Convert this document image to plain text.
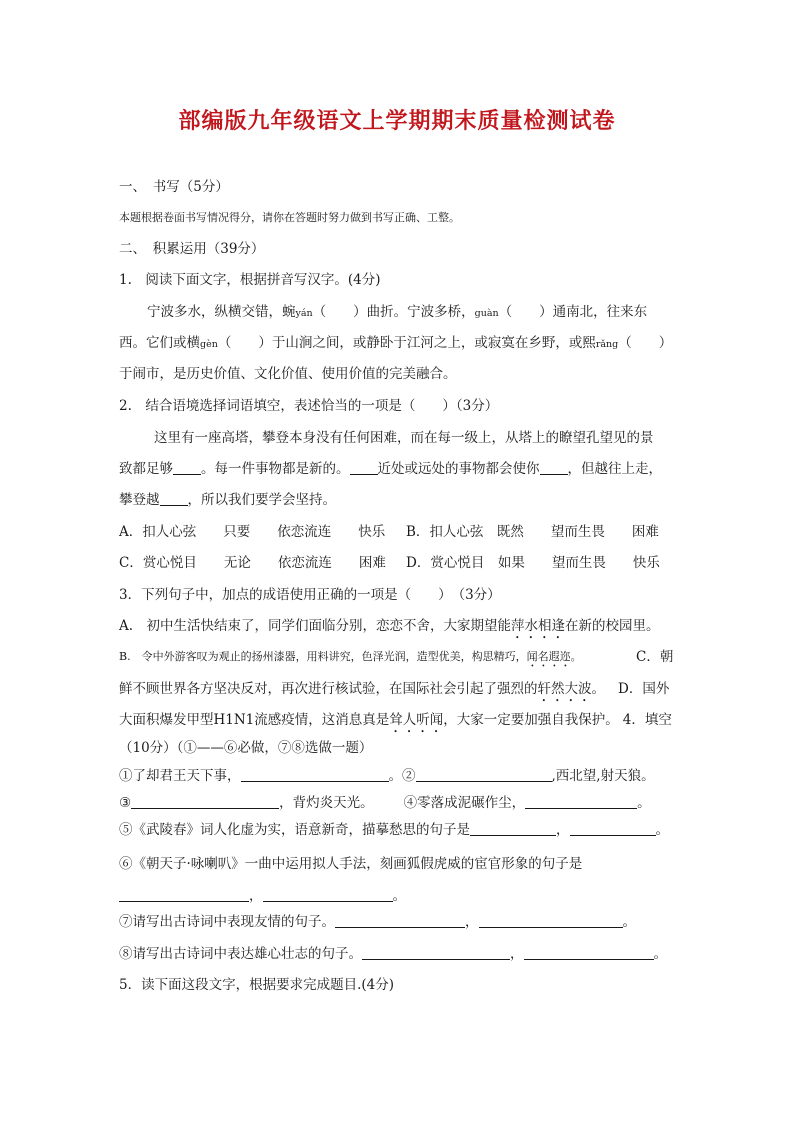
部编版九年级语文上学期期末质量检测试卷
一、　书写（5分）
本题根据卷面书写情况得分，请你在答题时努力做到书写正确、工整。
二、　积累运用（39分）
1.　阅读下面文字，根据拼音写汉字。(4分)
宁波多水，纵横交错，蜿yán（　　）曲折。宁波多桥，guàn（　　）通南北，往来东
西。它们或横gèn（　　）于山涧之间，或静卧于江河之上，或寂寞在乡野，或熙rǎng（　　）
于闹市，是历史价值、文化价值、使用价值的完美融合。
2.　结合语境选择词语填空，表述恰当的一项是（　　）（3分）
这里有一座高塔，攀登本身没有任何困难，而在每一级上，从塔上的瞭望孔望见的景
致都足够 。每一件事物都是新的。 近处或远处的事物都会使你 ，但越往上走，
攀登越 ，所以我们要学会坚持。
A．扣人心弦　　只要　　依恋流连　　快乐 B．扣人心弦　既然　　望而生畏　　困难
C．赏心悦目　　无论　　依恋流连　　困难 D．赏心悦目　如果　　望而生畏　　快乐
3．下列句子中，加点的成语使用正确的一项是（　　）　（3分）
A.　初中生活快结束了，同学们面临分别，恋恋不舍，大家期望能萍水相逢在新的校园里。
B.　令中外游客叹为观止的扬州漆器，用料讲究，色泽光润，造型优美，构思精巧，闻名遐迩。	C．朝
鲜不顾世界各方坚决反对，再次进行核试验，在国际社会引起了强烈的轩然大波。 D．国外
大面积爆发甲型H1N1流感疫情，这消息真是耸人听闻，大家一定要加强自我保护。 4．填空
（10分）（①——⑥必做，⑦⑧选做一题）
①了却君王天下事，	。②	,西北望,射天狼。
③	，背灼炎天光。 ④零落成泥碾作尘，	。
⑤《武陵春》词人化虚为实，语意新奇，描摹愁思的句子是	，	。
⑥《朝天子·咏喇叭》一曲中运用拟人手法，刻画狐假虎威的宦官形象的句子是
，	。
⑦请写出古诗词中表现友情的句子。	，	。
⑧请写出古诗词中表达雄心壮志的句子。	，	。
5．读下面这段文字，根据要求完成题目.(4分)
